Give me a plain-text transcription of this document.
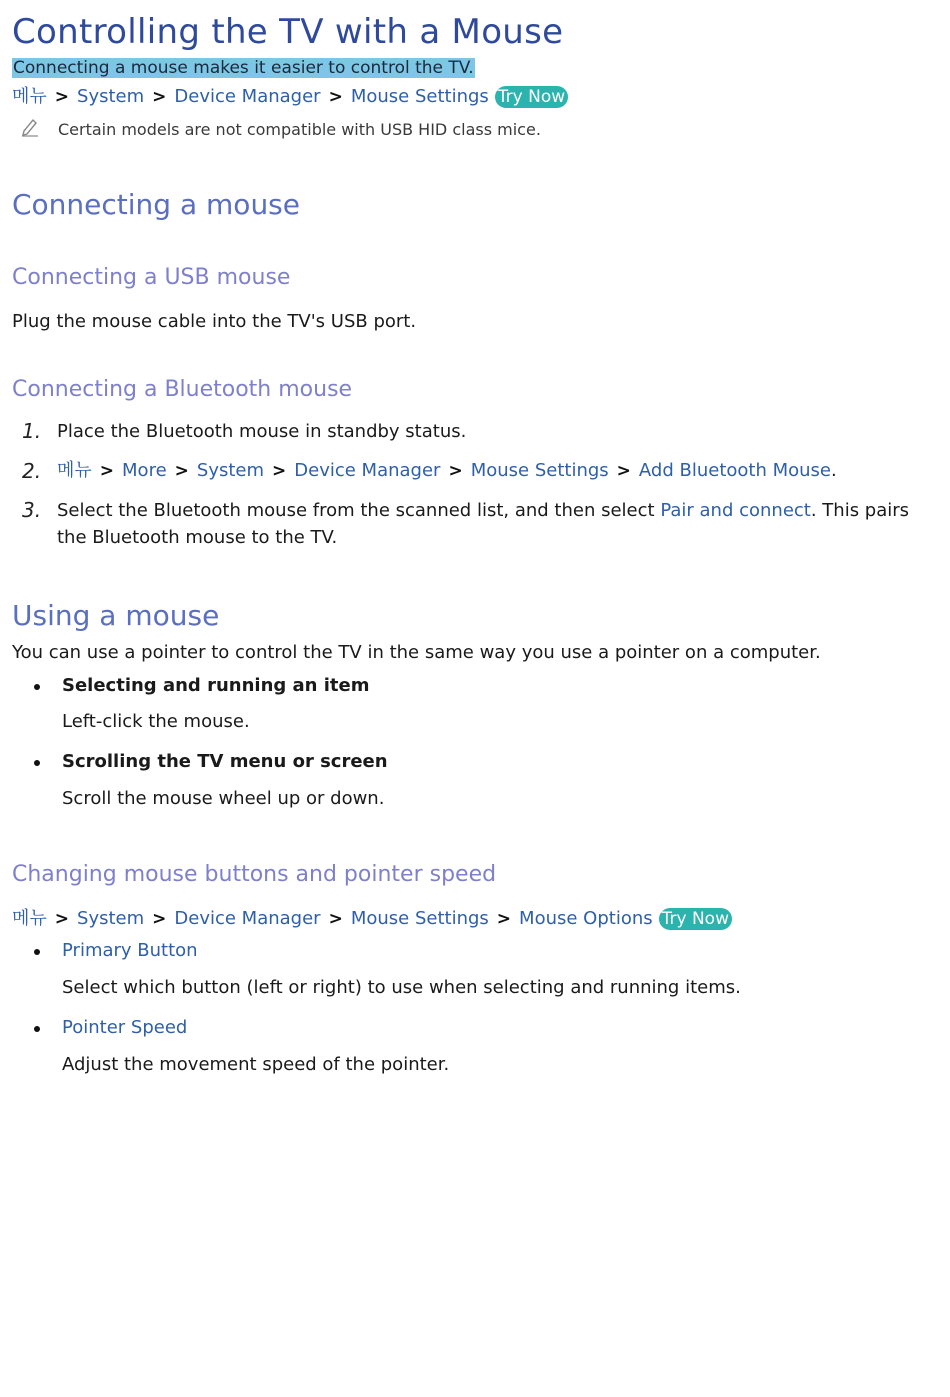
Controlling the TV with a Mouse
Connecting a mouse makes it easier to control the TV.
메뉴 > System > Device Manager > Mouse Settings Try Now
Certain models are not compatible with USB HID class mice.
Connecting a mouse
Connecting a USB mouse
Plug the mouse cable into the TV's USB port.
Connecting a Bluetooth mouse
1. Place the Bluetooth mouse in standby status.
2. 메뉴 > More > System > Device Manager > Mouse Settings > Add Bluetooth Mouse .
3. Select the Bluetooth mouse from the scanned list, and then select Pair and connect. This pairs
the Bluetooth mouse to the TV.
Using a mouse
You can use a pointer to control the TV in the same way you use a pointer on a computer.
Selecting and running an item
Left-click the mouse.
Scrolling the TV menu or screen
Scroll the mouse wheel up or down.
Changing mouse buttons and pointer speed
메뉴 > System > Device Manager > Mouse Settings > Mouse Options Try Now
Primary Button
Select which button (left or right) to use when selecting and running items.
Pointer Speed
Adjust the movement speed of the pointer.
